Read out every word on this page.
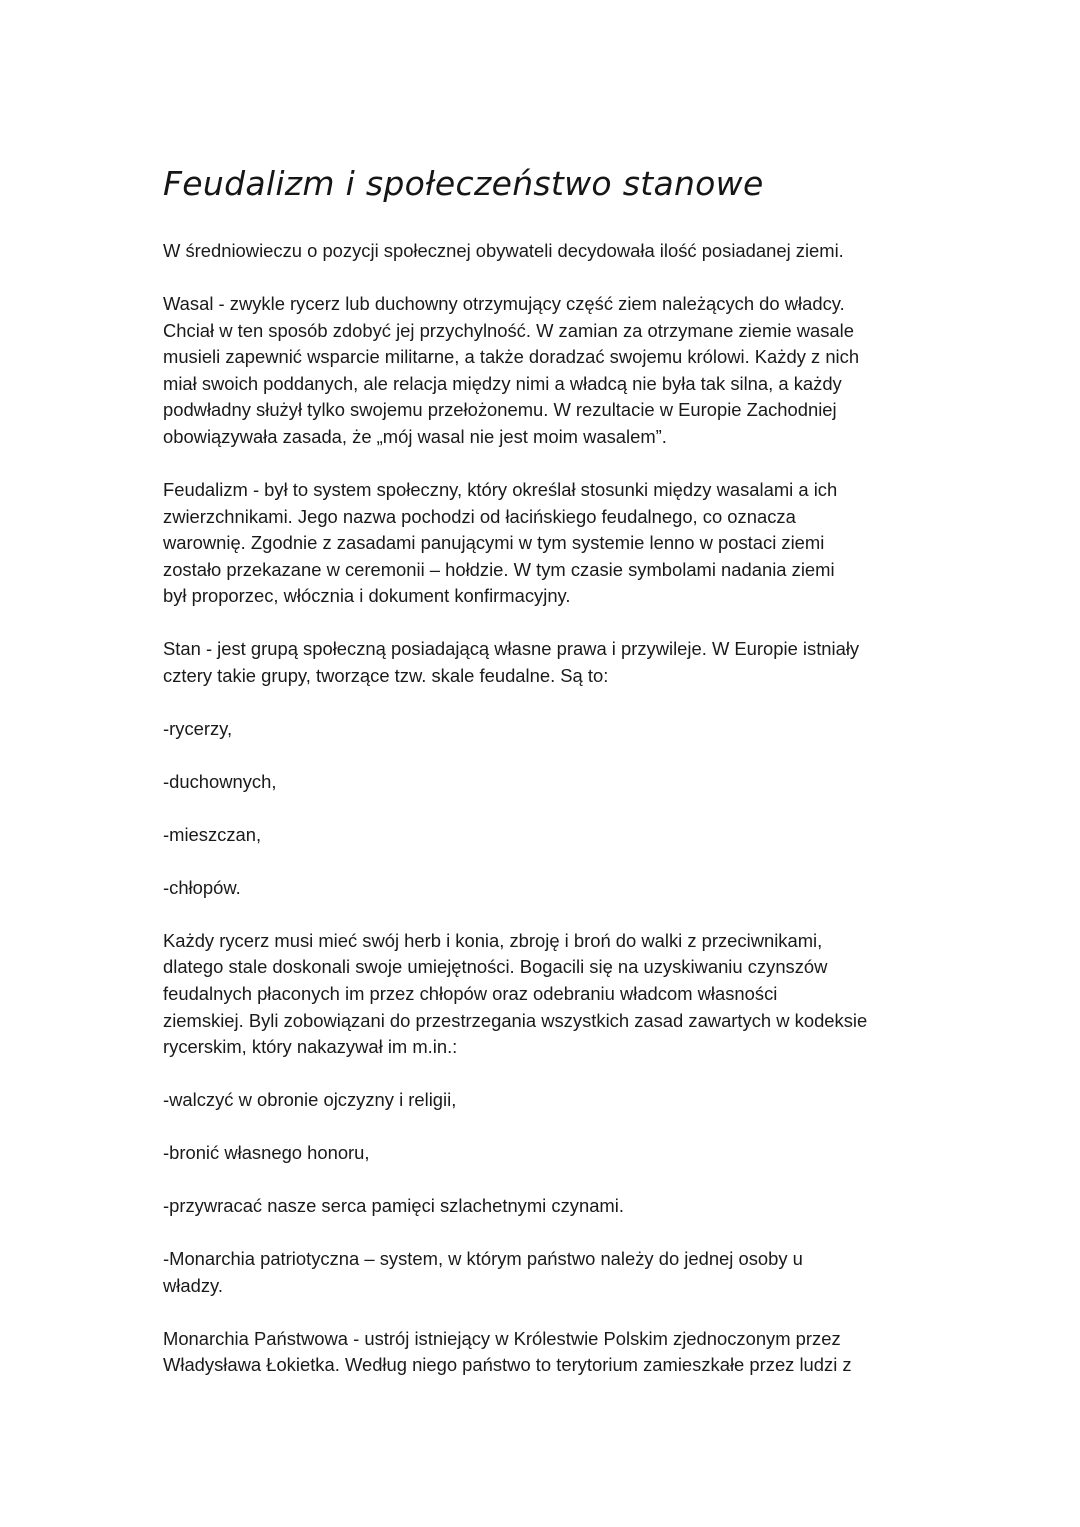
Feudalizm i społeczeństwo stanowe
W średniowieczu o pozycji społecznej obywateli decydowała ilość posiadanej ziemi.
Wasal - zwykle rycerz lub duchowny otrzymujący część ziem należących do władcy.
Chciał w ten sposób zdobyć jej przychylność. W zamian za otrzymane ziemie wasale
musieli zapewnić wsparcie militarne, a także doradzać swojemu królowi. Każdy z nich
miał swoich poddanych, ale relacja między nimi a władcą nie była tak silna, a każdy
podwładny służył tylko swojemu przełożonemu. W rezultacie w Europie Zachodniej
obowiązywała zasada, że „mój wasal nie jest moim wasalem”.
Feudalizm - był to system społeczny, który określał stosunki między wasalami a ich
zwierzchnikami. Jego nazwa pochodzi od łacińskiego feudalnego, co oznacza
warownię. Zgodnie z zasadami panującymi w tym systemie lenno w postaci ziemi
zostało przekazane w ceremonii – hołdzie. W tym czasie symbolami nadania ziemi
był proporzec, włócznia i dokument konfirmacyjny.
Stan - jest grupą społeczną posiadającą własne prawa i przywileje. W Europie istniały
cztery takie grupy, tworzące tzw. skale feudalne. Są to:
-rycerzy,
-duchownych,
-mieszczan,
-chłopów.
Każdy rycerz musi mieć swój herb i konia, zbroję i broń do walki z przeciwnikami,
dlatego stale doskonali swoje umiejętności. Bogacili się na uzyskiwaniu czynszów
feudalnych płaconych im przez chłopów oraz odebraniu władcom własności
ziemskiej. Byli zobowiązani do przestrzegania wszystkich zasad zawartych w kodeksie
rycerskim, który nakazywał im m.in.:
-walczyć w obronie ojczyzny i religii,
-bronić własnego honoru,
-przywracać nasze serca pamięci szlachetnymi czynami.
-Monarchia patriotyczna – system, w którym państwo należy do jednej osoby u
władzy.
Monarchia Państwowa - ustrój istniejący w Królestwie Polskim zjednoczonym przez
Władysława Łokietka. Według niego państwo to terytorium zamieszkałe przez ludzi z
